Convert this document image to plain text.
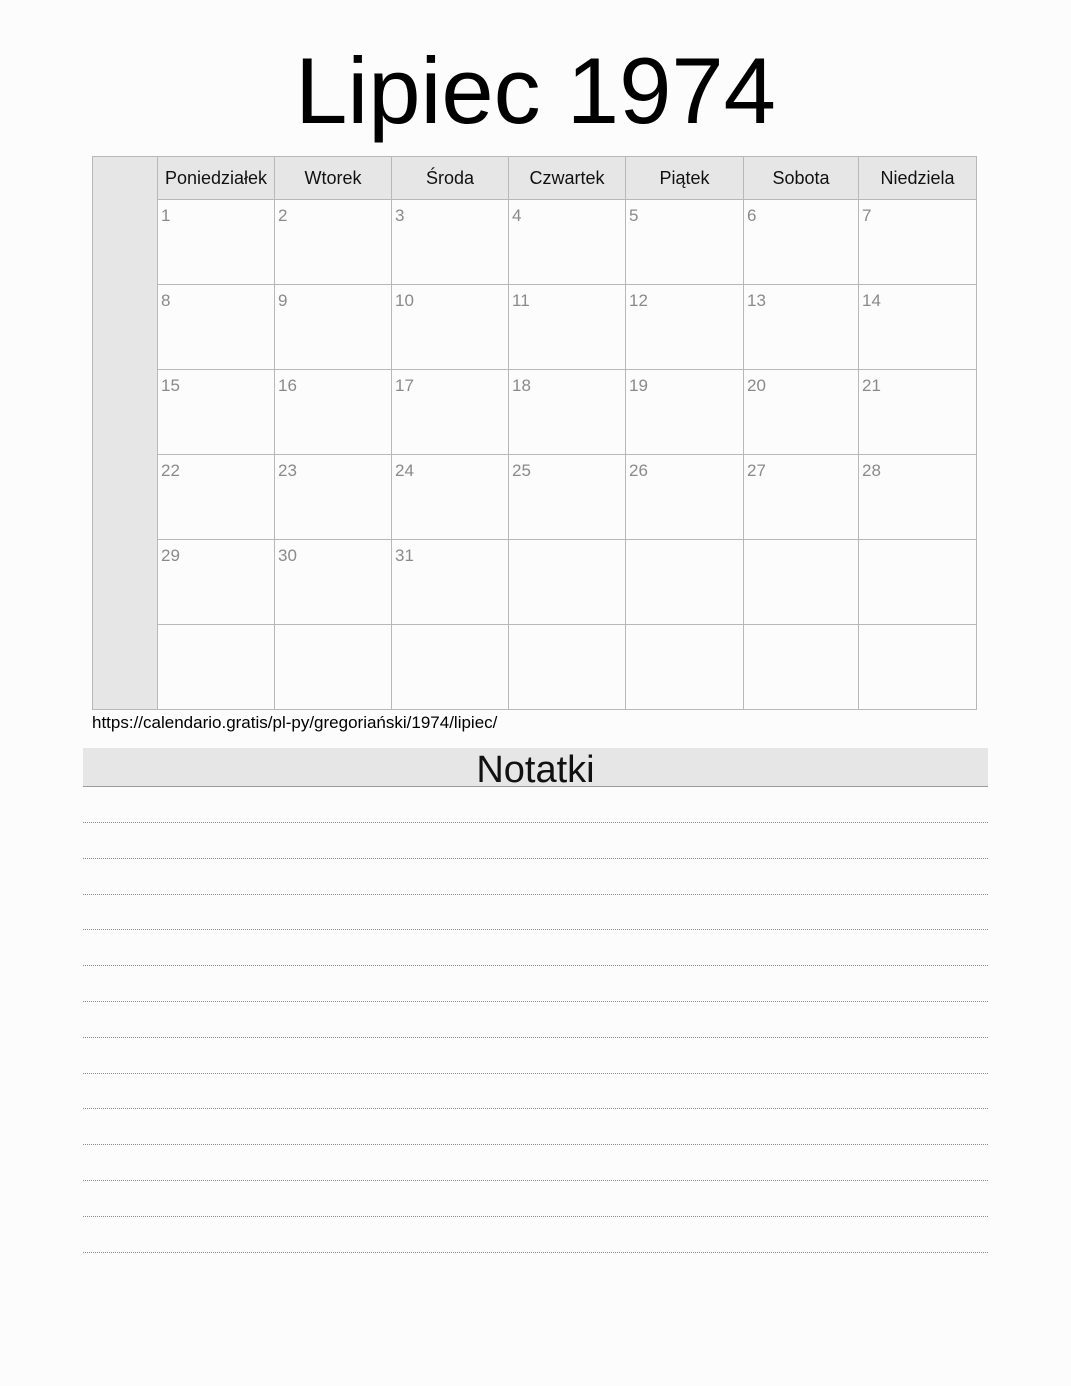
Lipiec 1974
Poniedziałek	Wtorek	Środa	Czwartek	Piątek	Sobota	Niedziela
1	2	3	4	5	6	7
8	9	10	11	12	13	14
15	16	17	18	19	20	21
22	23	24	25	26	27	28
29	30	31
https://calendario.gratis/pl-py/gregoriański/1974/lipiec/
Notatki
